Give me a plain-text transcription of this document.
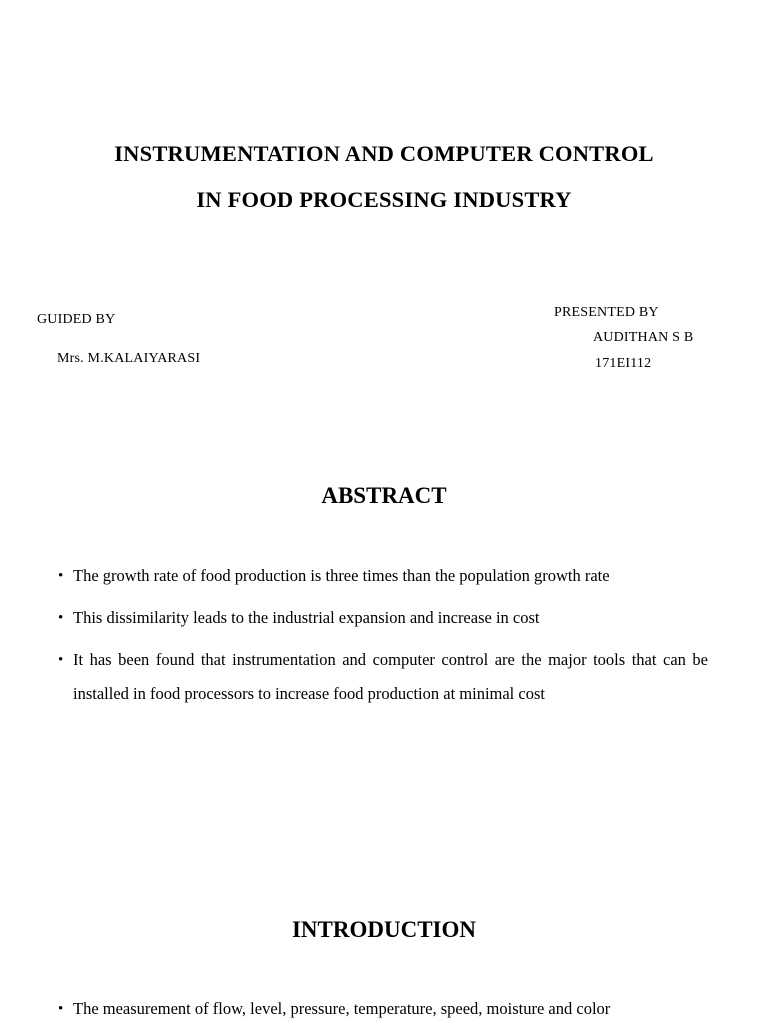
INSTRUMENTATION AND COMPUTER CONTROL
IN FOOD PROCESSING INDUSTRY
GUIDED BY
Mrs. M.KALAIYARASI
PRESENTED BY
AUDITHAN S B
171EI112
ABSTRACT
• The growth rate of food production is three times than the population growth rate
• This dissimilarity leads to the industrial expansion and increase in cost
• It has been found that instrumentation and computer control are the major tools that can be installed in food processors to increase food production at minimal cost
INTRODUCTION
• The measurement of flow, level, pressure, temperature, speed, moisture and color
